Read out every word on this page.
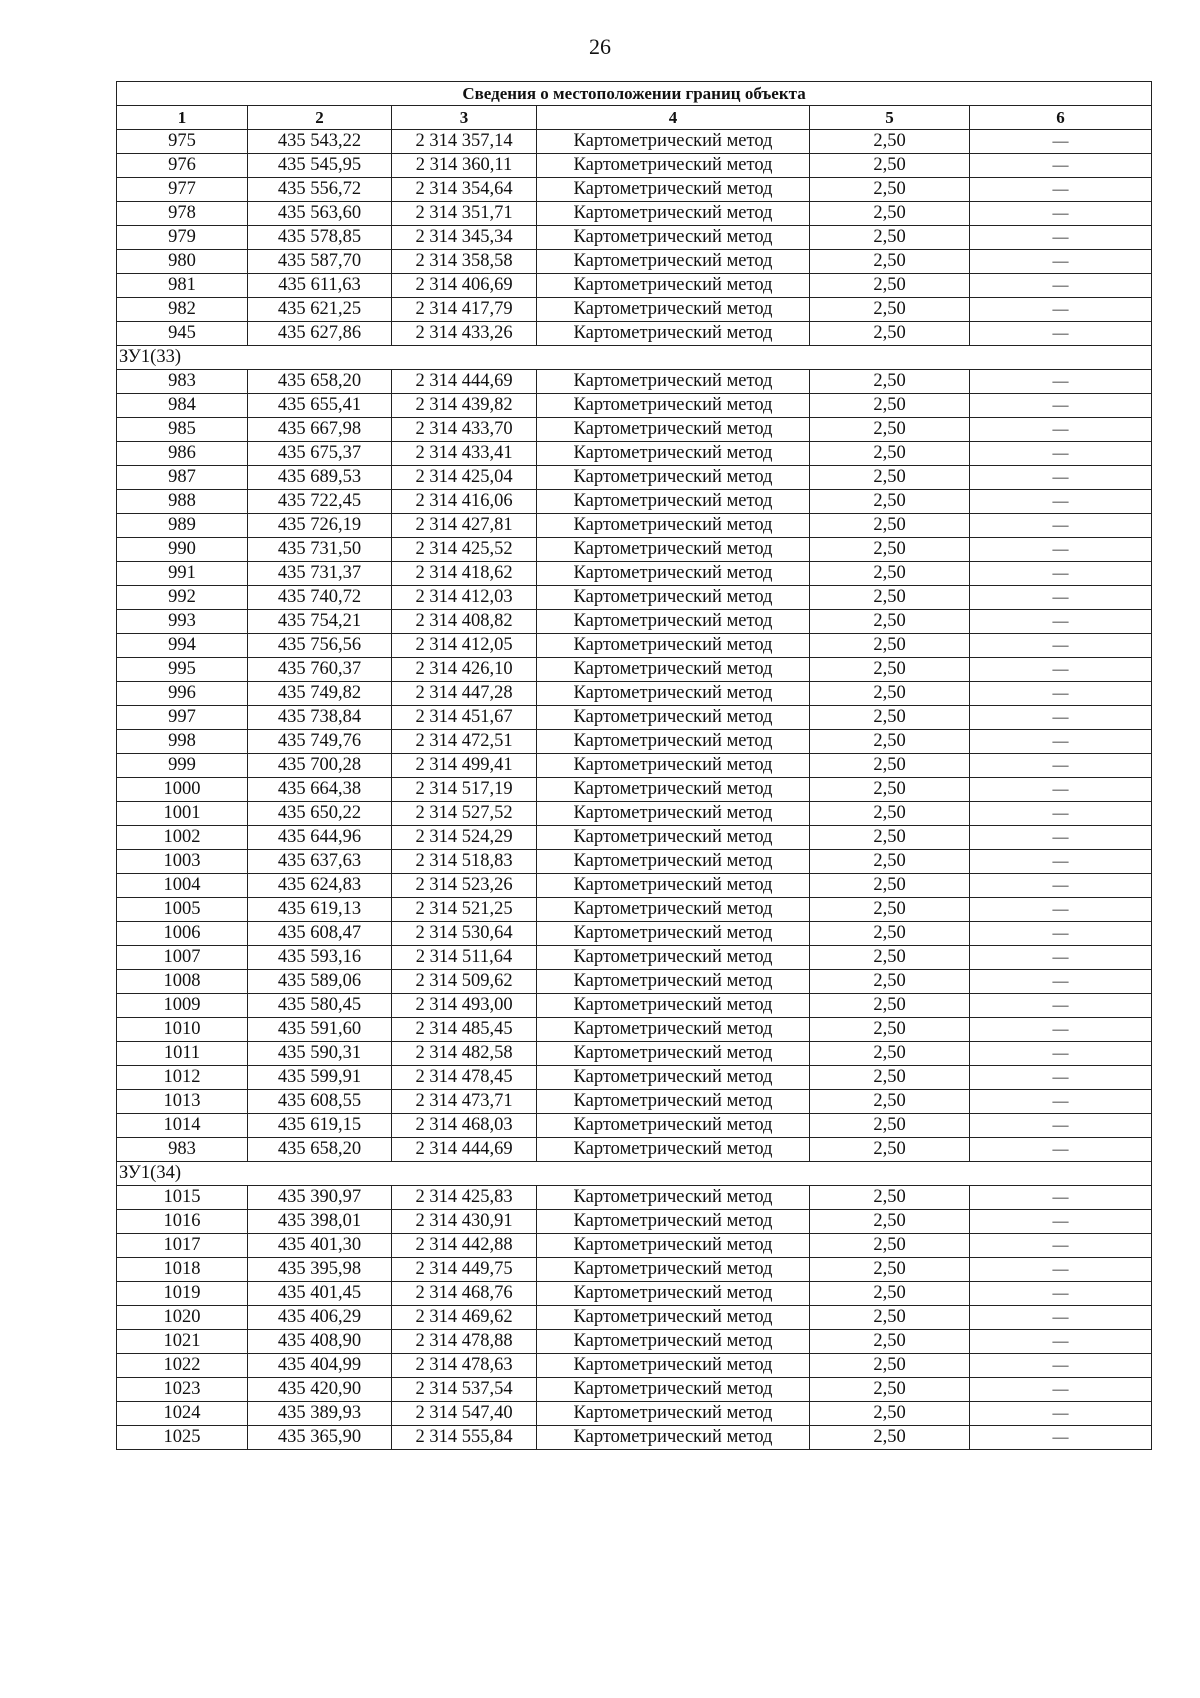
26
Сведения о местоположении границ объекта					
1	2	3	4	5	6
975	435 543,22	2 314 357,14	Картометрический метод	2,50	—
976	435 545,95	2 314 360,11	Картометрический метод	2,50	—
977	435 556,72	2 314 354,64	Картометрический метод	2,50	—
978	435 563,60	2 314 351,71	Картометрический метод	2,50	—
979	435 578,85	2 314 345,34	Картометрический метод	2,50	—
980	435 587,70	2 314 358,58	Картометрический метод	2,50	—
981	435 611,63	2 314 406,69	Картометрический метод	2,50	—
982	435 621,25	2 314 417,79	Картометрический метод	2,50	—
945	435 627,86	2 314 433,26	Картометрический метод	2,50	—
ЗУ1(33)					
983	435 658,20	2 314 444,69	Картометрический метод	2,50	—
984	435 655,41	2 314 439,82	Картометрический метод	2,50	—
985	435 667,98	2 314 433,70	Картометрический метод	2,50	—
986	435 675,37	2 314 433,41	Картометрический метод	2,50	—
987	435 689,53	2 314 425,04	Картометрический метод	2,50	—
988	435 722,45	2 314 416,06	Картометрический метод	2,50	—
989	435 726,19	2 314 427,81	Картометрический метод	2,50	—
990	435 731,50	2 314 425,52	Картометрический метод	2,50	—
991	435 731,37	2 314 418,62	Картометрический метод	2,50	—
992	435 740,72	2 314 412,03	Картометрический метод	2,50	—
993	435 754,21	2 314 408,82	Картометрический метод	2,50	—
994	435 756,56	2 314 412,05	Картометрический метод	2,50	—
995	435 760,37	2 314 426,10	Картометрический метод	2,50	—
996	435 749,82	2 314 447,28	Картометрический метод	2,50	—
997	435 738,84	2 314 451,67	Картометрический метод	2,50	—
998	435 749,76	2 314 472,51	Картометрический метод	2,50	—
999	435 700,28	2 314 499,41	Картометрический метод	2,50	—
1000	435 664,38	2 314 517,19	Картометрический метод	2,50	—
1001	435 650,22	2 314 527,52	Картометрический метод	2,50	—
1002	435 644,96	2 314 524,29	Картометрический метод	2,50	—
1003	435 637,63	2 314 518,83	Картометрический метод	2,50	—
1004	435 624,83	2 314 523,26	Картометрический метод	2,50	—
1005	435 619,13	2 314 521,25	Картометрический метод	2,50	—
1006	435 608,47	2 314 530,64	Картометрический метод	2,50	—
1007	435 593,16	2 314 511,64	Картометрический метод	2,50	—
1008	435 589,06	2 314 509,62	Картометрический метод	2,50	—
1009	435 580,45	2 314 493,00	Картометрический метод	2,50	—
1010	435 591,60	2 314 485,45	Картометрический метод	2,50	—
1011	435 590,31	2 314 482,58	Картометрический метод	2,50	—
1012	435 599,91	2 314 478,45	Картометрический метод	2,50	—
1013	435 608,55	2 314 473,71	Картометрический метод	2,50	—
1014	435 619,15	2 314 468,03	Картометрический метод	2,50	—
983	435 658,20	2 314 444,69	Картометрический метод	2,50	—
ЗУ1(34)					
1015	435 390,97	2 314 425,83	Картометрический метод	2,50	—
1016	435 398,01	2 314 430,91	Картометрический метод	2,50	—
1017	435 401,30	2 314 442,88	Картометрический метод	2,50	—
1018	435 395,98	2 314 449,75	Картометрический метод	2,50	—
1019	435 401,45	2 314 468,76	Картометрический метод	2,50	—
1020	435 406,29	2 314 469,62	Картометрический метод	2,50	—
1021	435 408,90	2 314 478,88	Картометрический метод	2,50	—
1022	435 404,99	2 314 478,63	Картометрический метод	2,50	—
1023	435 420,90	2 314 537,54	Картометрический метод	2,50	—
1024	435 389,93	2 314 547,40	Картометрический метод	2,50	—
1025	435 365,90	2 314 555,84	Картометрический метод	2,50	—
